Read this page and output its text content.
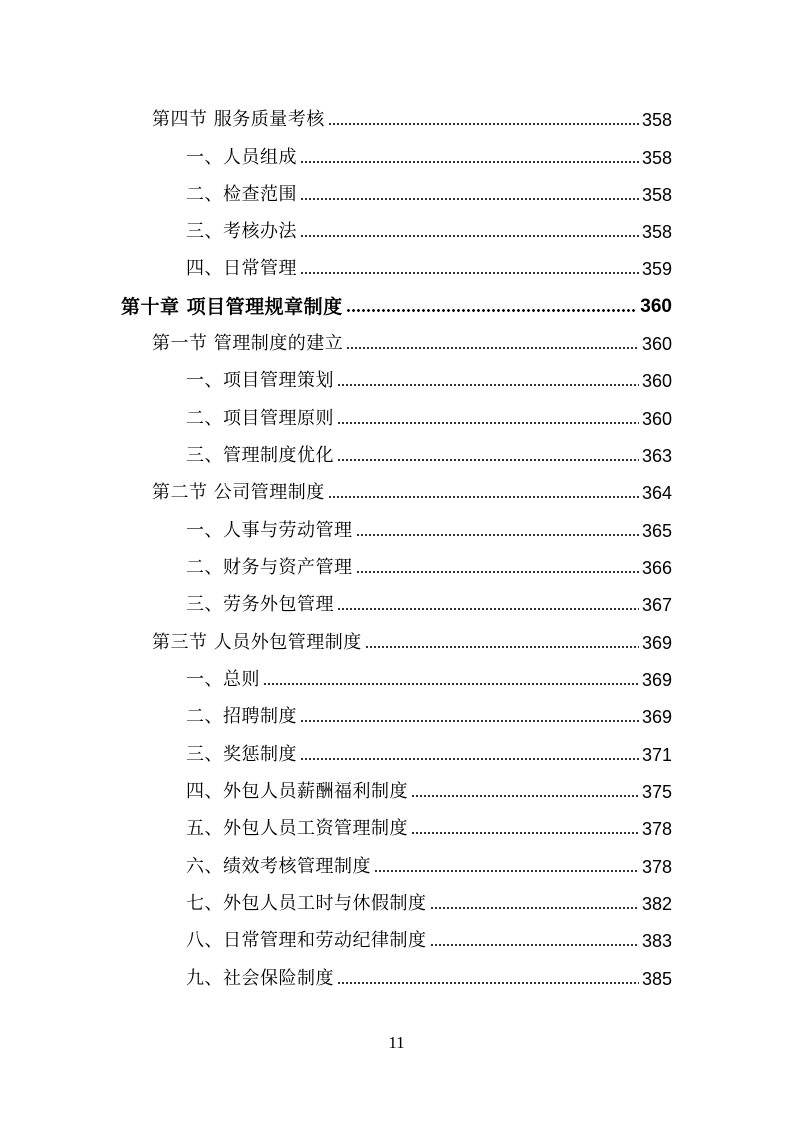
第四节 服务质量考核	358
一、人员组成	358
二、检查范围	358
三、考核办法	358
四、日常管理	359
第十章 项目管理规章制度	360
第一节 管理制度的建立	360
一、项目管理策划	360
二、项目管理原则	360
三、管理制度优化	363
第二节 公司管理制度	364
一、人事与劳动管理	365
二、财务与资产管理	366
三、劳务外包管理	367
第三节 人员外包管理制度	369
一、总则	369
二、招聘制度	369
三、奖惩制度	371
四、外包人员薪酬福利制度	375
五、外包人员工资管理制度	378
六、绩效考核管理制度	378
七、外包人员工时与休假制度	382
八、日常管理和劳动纪律制度	383
九、社会保险制度	385
11
